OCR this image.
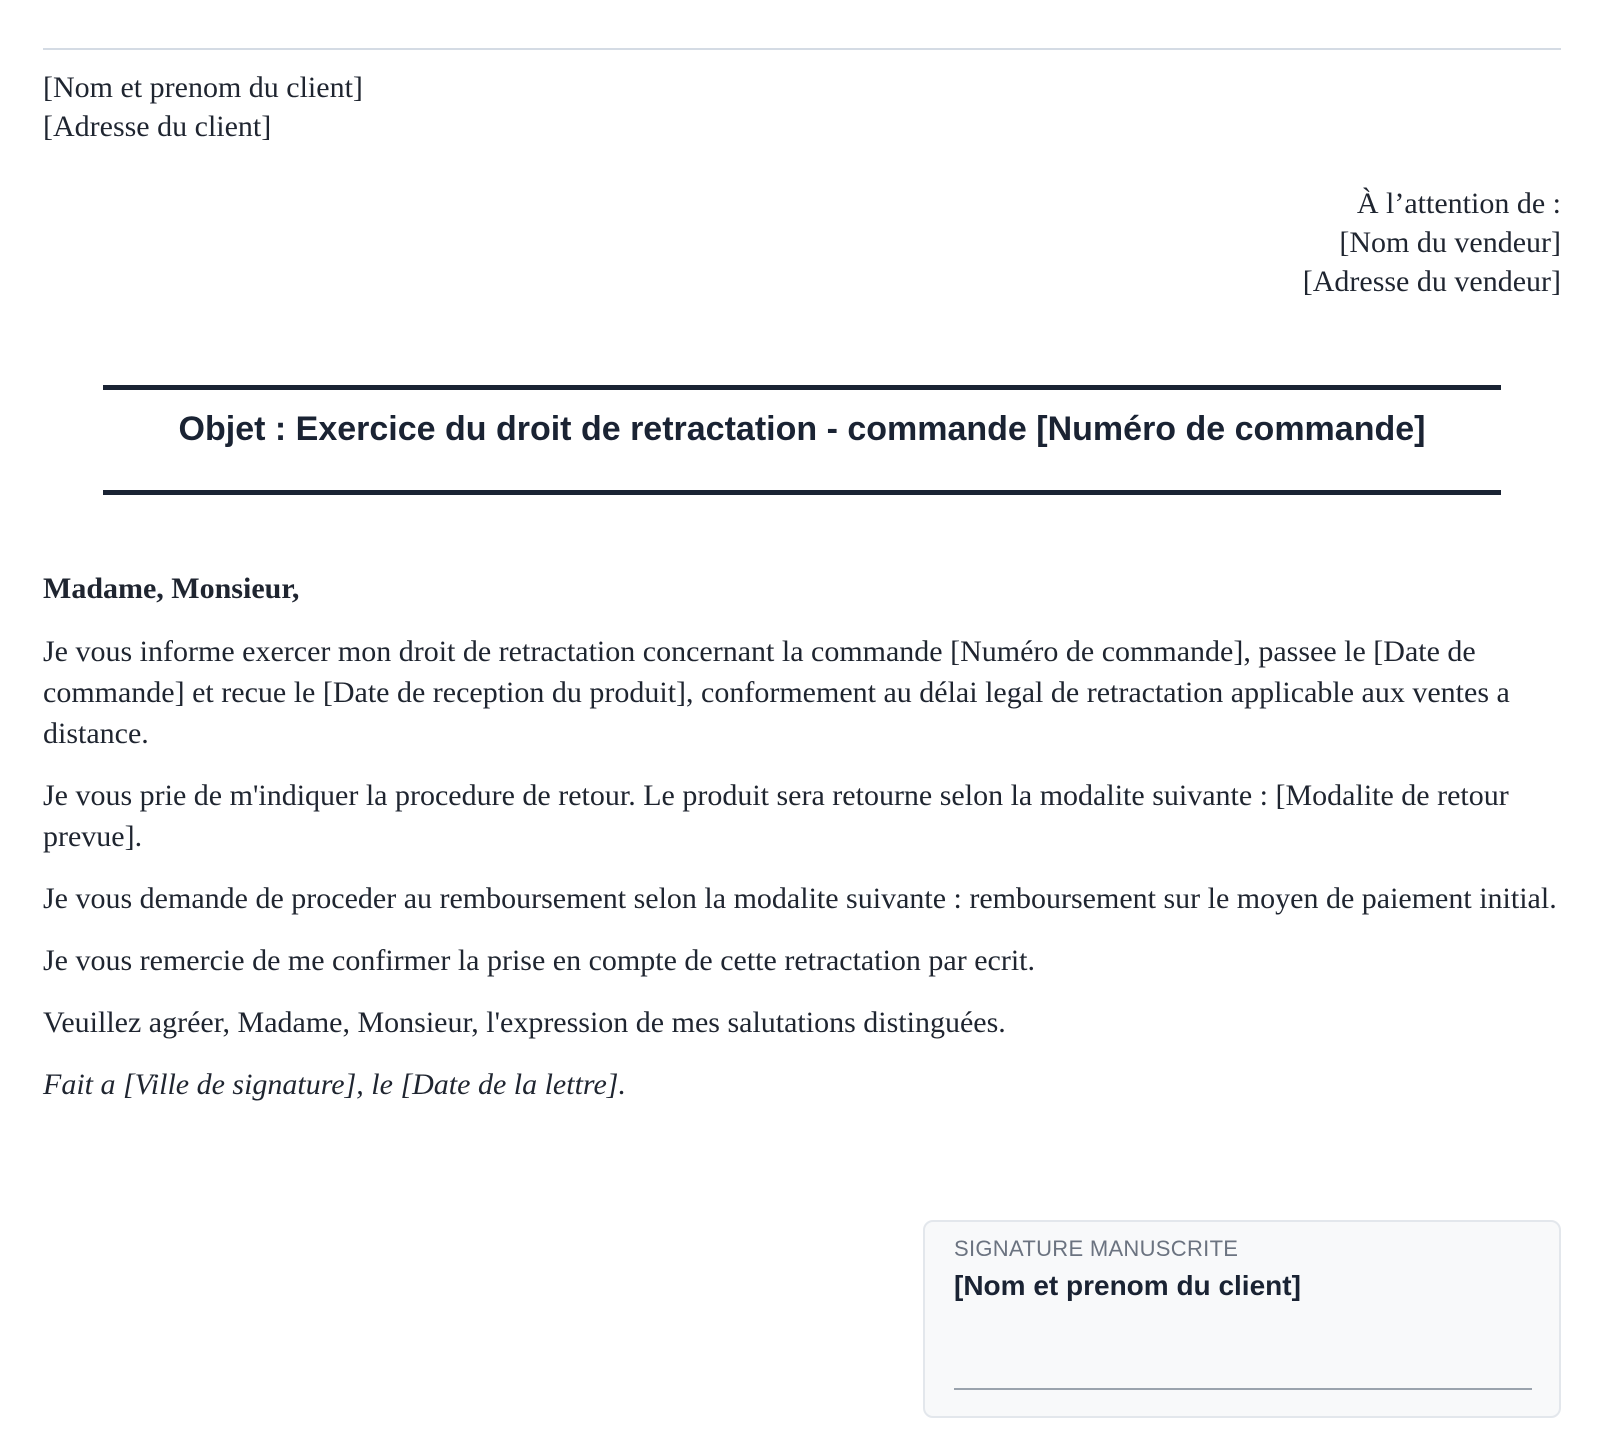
[Nom et prenom du client]
[Adresse du client]
À l’attention de :
[Nom du vendeur]
[Adresse du vendeur]
Objet : Exercice du droit de retractation - commande [Numéro de commande]

Madame, Monsieur,

Je vous informe exercer mon droit de retractation concernant la commande [Numéro de commande], passee le [Date de commande] et recue le [Date de reception du produit], conformement au délai legal de retractation applicable aux ventes a distance.

Je vous prie de m'indiquer la procedure de retour. Le produit sera retourne selon la modalite suivante : [Modalite de retour prevue].

Je vous demande de proceder au remboursement selon la modalite suivante : remboursement sur le moyen de paiement initial.

Je vous remercie de me confirmer la prise en compte de cette retractation par ecrit.

Veuillez agréer, Madame, Monsieur, l'expression de mes salutations distinguées.

Fait a [Ville de signature], le [Date de la lettre].

SIGNATURE MANUSCRITE
[Nom et prenom du client]
